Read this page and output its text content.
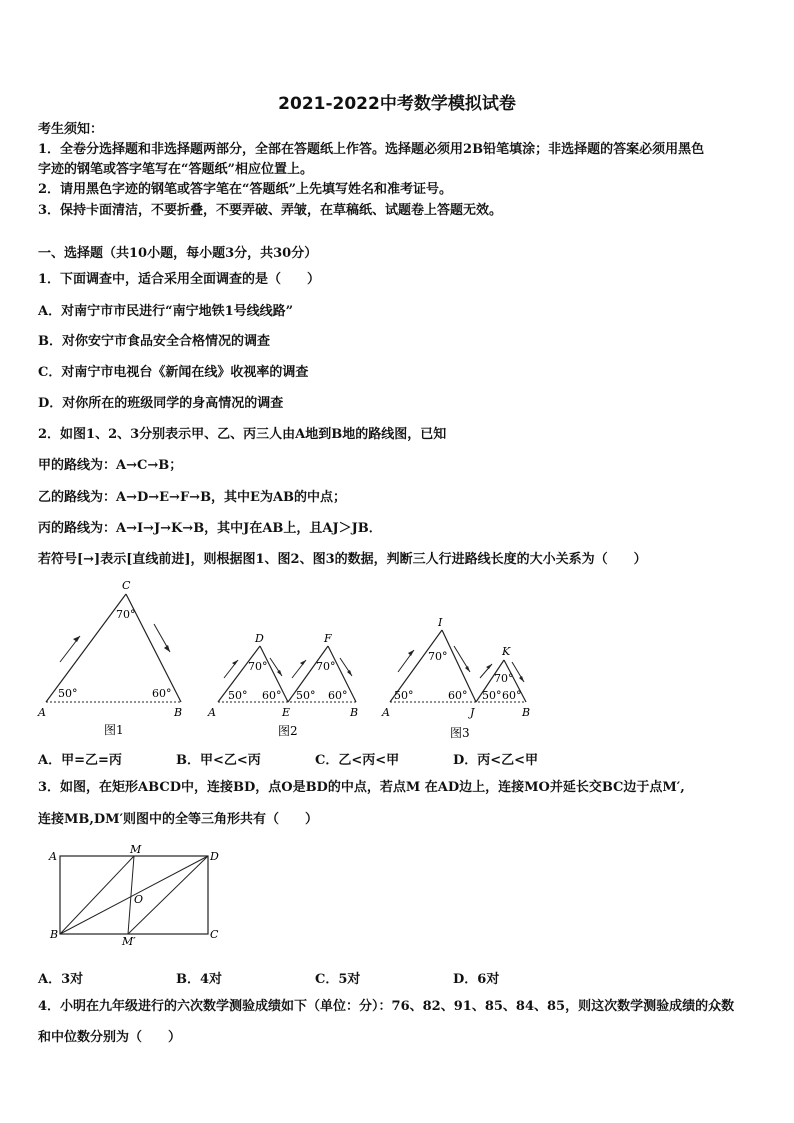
2021-2022中考数学模拟试卷
考生须知：
1．全卷分选择题和非选择题两部分，全部在答题纸上作答。选择题必须用2B铅笔填涂；非选择题的答案必须用黑色
字迹的钢笔或答字笔写在“答题纸”相应位置上。
2．请用黑色字迹的钢笔或答字笔在“答题纸”上先填写姓名和准考证号。
3．保持卡面清洁，不要折叠，不要弄破、弄皱，在草稿纸、试题卷上答题无效。
一、选择题（共10小题，每小题3分，共30分）
1．下面调查中，适合采用全面调查的是（　　）
A．对南宁市市民进行“南宁地铁1号线线路”
B．对你安宁市食品安全合格情况的调查
C．对南宁市电视台《新闻在线》收视率的调查
D．对你所在的班级同学的身高情况的调查
2．如图1、2、3分别表示甲、乙、丙三人由A地到B地的路线图，已知
甲的路线为：A→C→B；
乙的路线为：A→D→E→F→B，其中E为AB的中点；
丙的路线为：A→I→J→K→B，其中J在AB上，且AJ＞JB．
若符号[→]表示[直线前进]，则根据图1、图2、图3的数据，判断三人行进路线长度的大小关系为（　　）
C
70°
50°	60°
A	B
图1
D	F
70°	70°
50° 60° 50° 60°
A	E	B
图2
I
K
70°
70°
50°	60° 50° 60°
A	J	B
图3
A．甲=乙=丙	B．甲<乙<丙	C．乙<丙<甲	D．丙<乙<甲
3．如图，在矩形ABCD中，连接BD，点O是BD的中点，若点M 在AD边上，连接MO并延长交BC边于点M′,
连接MB,DM′则图中的全等三角形共有（　　）
A
M
D
O
B
M′
C
A．3对	B．4对	C．5对	D．6对
4．小明在九年级进行的六次数学测验成绩如下（单位：分）：76、82、91、85、84、85，则这次数学测验成绩的众数
和中位数分别为（　　）
